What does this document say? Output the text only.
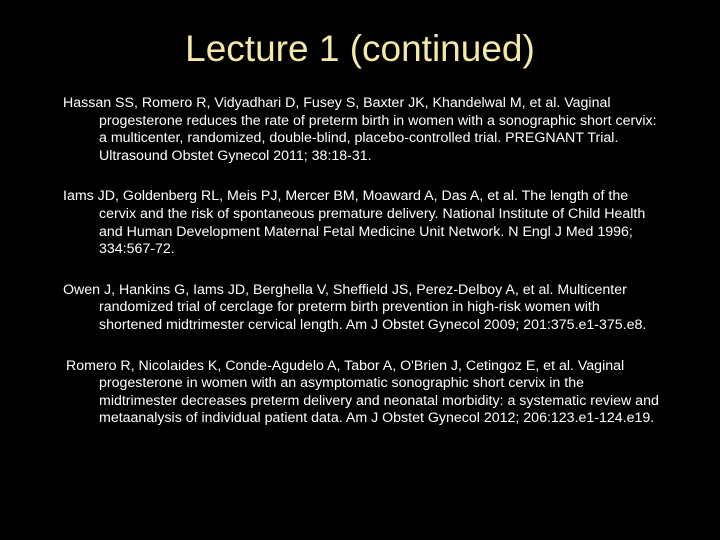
Lecture 1 (continued)
Hassan SS, Romero R, Vidyadhari D, Fusey S, Baxter JK, Khandelwal M, et al. Vaginal progesterone reduces the rate of preterm birth in women with a sonographic short cervix: a multicenter, randomized, double-blind, placebo-controlled trial. PREGNANT Trial. Ultrasound Obstet Gynecol 2011; 38:18-31.
Iams JD, Goldenberg RL, Meis PJ, Mercer BM, Moaward A, Das A, et al. The length of the cervix and the risk of spontaneous premature delivery. National Institute of Child Health and Human Development Maternal Fetal Medicine Unit Network. N Engl J Med 1996; 334:567-72.
Owen J, Hankins G, Iams JD, Berghella V, Sheffield JS, Perez-Delboy A, et al. Multicenter randomized trial of cerclage for preterm birth prevention in high-risk women with shortened midtrimester cervical length. Am J Obstet Gynecol 2009; 201:375.e1-375.e8.
Romero R, Nicolaides K, Conde-Agudelo A, Tabor A, O'Brien J, Cetingoz E, et al. Vaginal progesterone in women with an asymptomatic sonographic short cervix in the midtrimester decreases preterm delivery and neonatal morbidity: a systematic review and metaanalysis of individual patient data. Am J Obstet Gynecol 2012; 206:123.e1-124.e19.
